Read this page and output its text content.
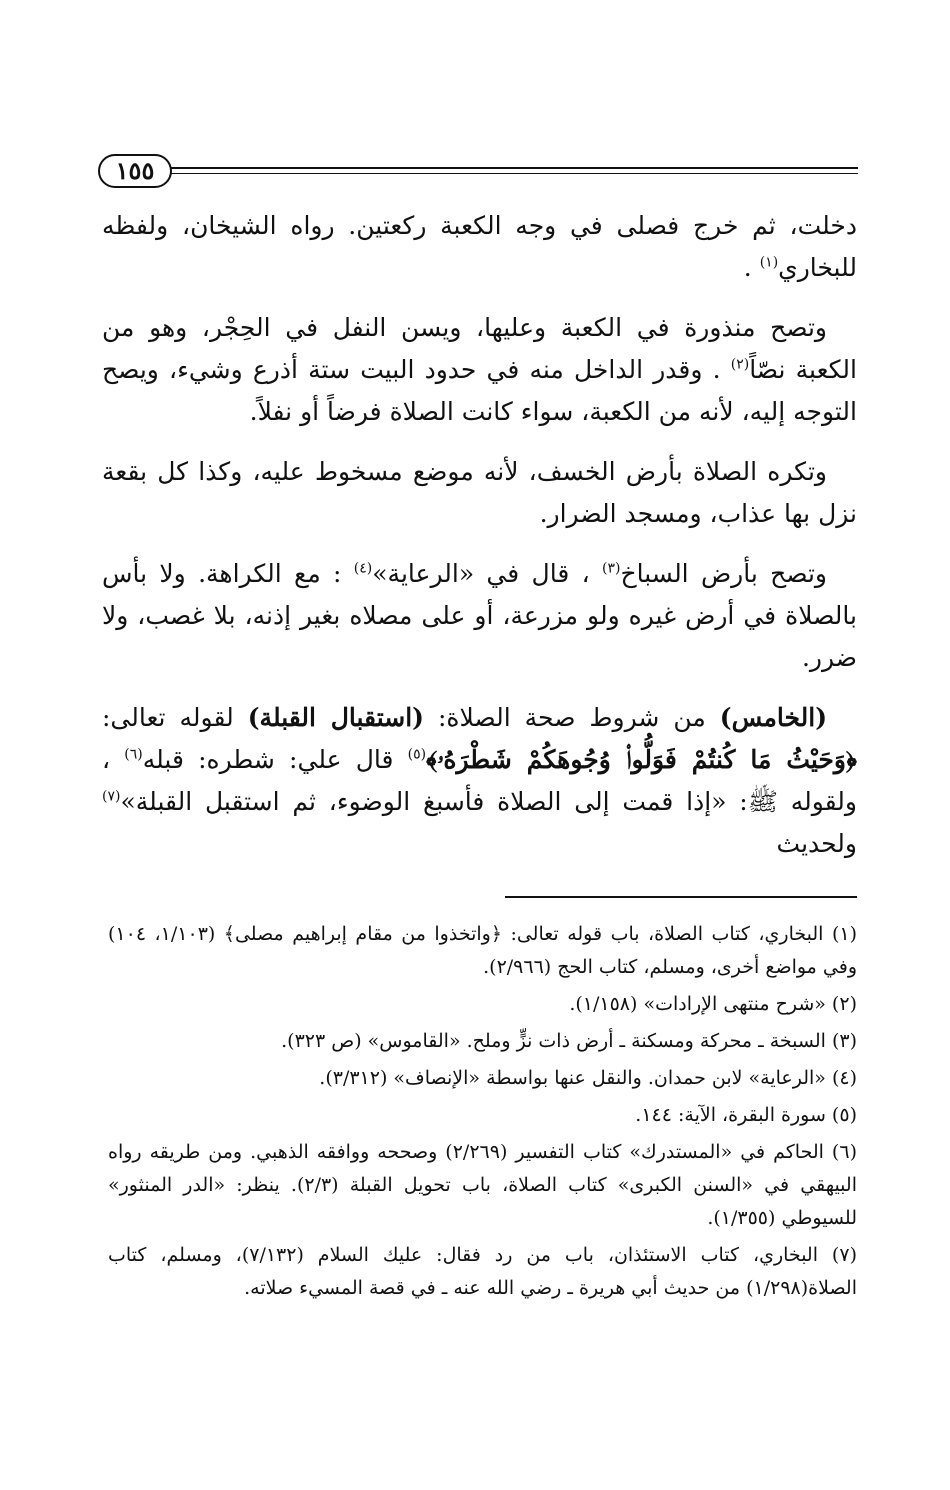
١٥٥

دخلت، ثم خرج فصلى في وجه الكعبة ركعتين. رواه الشيخان، ولفظه للبخاري$^{(١)}$ .

وتصح منذورة في الكعبة وعليها، ويسن النفل في الحِجْر، وهو من الكعبة نصّاً$^{(٢)}$ . وقدر الداخل منه في حدود البيت ستة أذرع وشيء، ويصح التوجه إليه، لأنه من الكعبة، سواء كانت الصلاة فرضاً أو نفلاً.

وتكره الصلاة بأرض الخسف، لأنه موضع مسخوط عليه، وكذا كل بقعة نزل بها عذاب، ومسجد الضرار.

وتصح بأرض السباخ$^{(٣)}$ ، قال في «الرعاية»$^{(٤)}$ : مع الكراهة. ولا بأس بالصلاة في أرض غيره ولو مزرعة، أو على مصلاه بغير إذنه، بلا غصب، ولا ضرر.

(الخامس) من شروط صحة الصلاة: (استقبال القبلة) لقوله تعالى: ﴿وَحَيْثُ مَا كُنتُمْ فَوَلُّوا۟ وُجُوهَكُمْ شَطْرَهُۥ﴾$^{(٥)}$ قال علي: شطره: قبله$^{(٦)}$ ، ولقوله ﷺ: «إذا قمت إلى الصلاة فأسبغ الوضوء، ثم استقبل القبلة»$^{(٧)}$ ولحديث

(١) البخاري، كتاب الصلاة، باب قوله تعالى: ﴿واتخذوا من مقام إبراهيم مصلى﴾ (١/١٠٣، ١٠٤) وفي مواضع أخرى، ومسلم، كتاب الحج (٢/٩٦٦).

(٢) «شرح منتهى الإرادات» (١/١٥٨).

(٣) السبخة ـ محركة ومسكنة ـ أرض ذات نزٍّ وملح. «القاموس» (ص ٣٢٣).

(٤) «الرعاية» لابن حمدان. والنقل عنها بواسطة «الإنصاف» (٣/٣١٢).

(٥) سورة البقرة، الآية: ١٤٤.

(٦) الحاكم في «المستدرك» كتاب التفسير (٢/٢٦٩) وصححه ووافقه الذهبي. ومن طريقه رواه البيهقي في «السنن الكبرى» كتاب الصلاة، باب تحويل القبلة (٢/٣). ينظر: «الدر المنثور» للسيوطي (١/٣٥٥).

(٧) البخاري، كتاب الاستئذان، باب من رد فقال: عليك السلام (٧/١٣٢)، ومسلم، كتاب الصلاة(١/٢٩٨) من حديث أبي هريرة ـ رضي الله عنه ـ في قصة المسيء صلاته.
